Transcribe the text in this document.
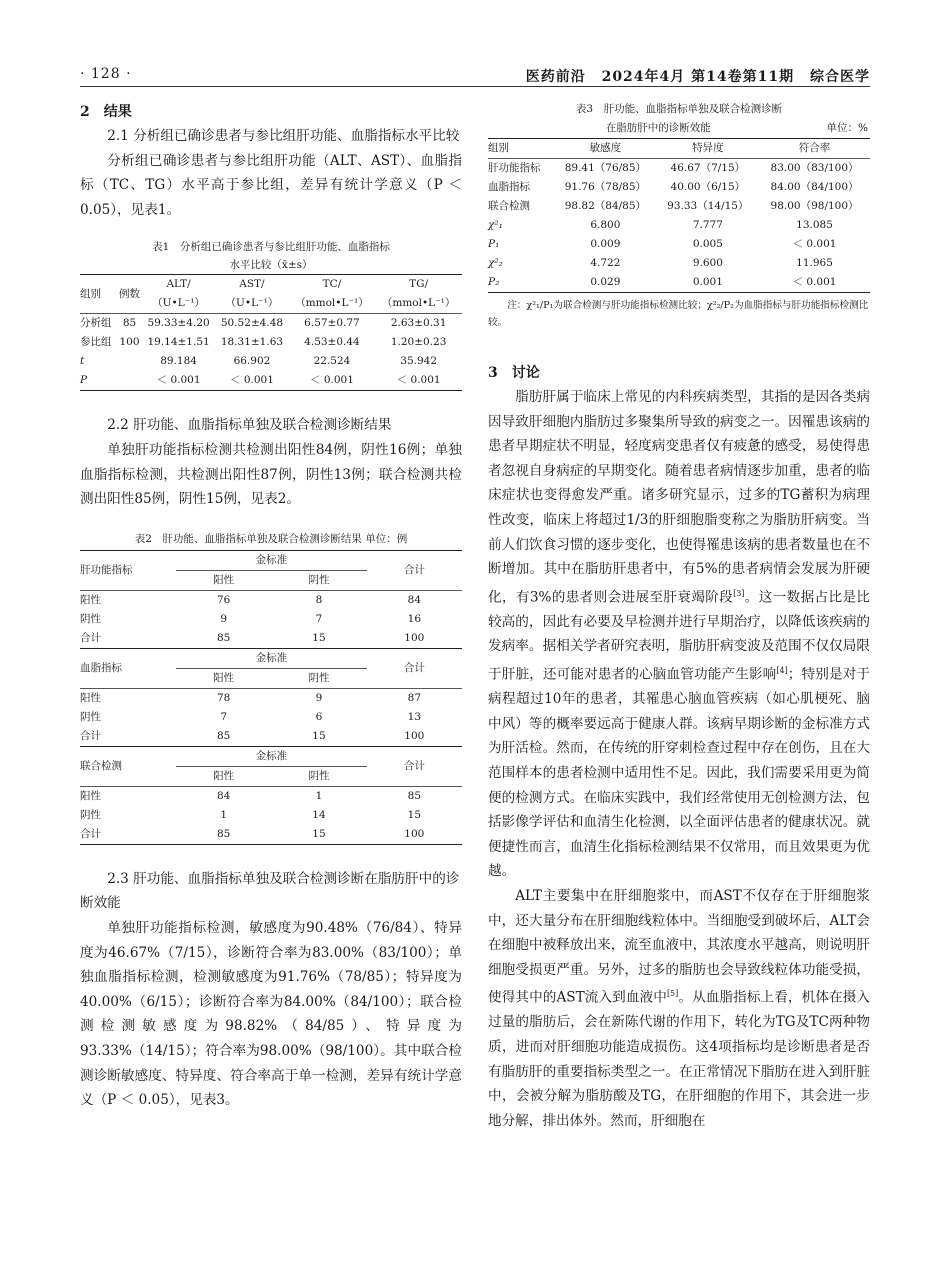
· 128 ·	医药前沿 2024年4月 第14卷第11期 综合医学
2　结果
2.1 分析组已确诊患者与参比组肝功能、血脂指标水平比较

分析组已确诊患者与参比组肝功能（ALT、AST）、血脂指标（TC、TG）水平高于参比组，差异有统计学意义（P ＜ 0.05），见表1。

表1　分析组已确诊患者与参比组肝功能、血脂指标
水平比较（x̄±s）
组别	例数	ALT/	AST/	TC/	TG/
		（U•L⁻¹）	（U•L⁻¹）	（mmol•L⁻¹）	（mmol•L⁻¹）
分析组	85	59.33±4.20	50.52±4.48	6.57±0.77	2.63±0.31
参比组	100	19.14±1.51	18.31±1.63	4.53±0.44	1.20±0.23
t		89.184	66.902	22.524	35.942
P		＜ 0.001	＜ 0.001	＜ 0.001	＜ 0.001
2.2 肝功能、血脂指标单独及联合检测诊断结果

单独肝功能指标检测共检测出阳性84例，阴性16例；单独血脂指标检测，共检测出阳性87例，阴性13例；联合检测共检测出阳性85例，阴性15例，见表2。

表2　肝功能、血脂指标单独及联合检测诊断结果 单位：例
肝功能指标	金标准		合计
	阳性	阴性	
阳性	76	8	84
阴性	9	7	16
合计	85	15	100
血脂指标	金标准		合计
	阳性	阴性	
阳性	78	9	87
阴性	7	6	13
合计	85	15	100
联合检测	金标准		合计
	阳性	阴性	
阳性	84	1	85
阴性	1	14	15
合计	85	15	100
2.3 肝功能、血脂指标单独及联合检测诊断在脂肪肝中的诊断效能

单独肝功能指标检测，敏感度为90.48%（76/84）、特异度为46.67%（7/15），诊断符合率为83.00%（83/100）；单独血脂指标检测，检测敏感度为91.76%（78/85）；特异度为40.00%（6/15）；诊断符合率为84.00%（84/100）；联合检测检测敏感度为98.82%（84/85）、特异度为93.33%（14/15）；符合率为98.00%（98/100）。其中联合检测诊断敏感度、特异度、符合率高于单一检测，差异有统计学意义（P ＜ 0.05），见表3。

表3　肝功能、血脂指标单独及联合检测诊断
在脂肪肝中的诊断效能	单位：%
组别	敏感度	特异度	符合率
肝功能指标	89.41（76/85）	46.67（7/15）	83.00（83/100）
血脂指标	91.76（78/85）	40.00（6/15）	84.00（84/100）
联合检测	98.82（84/85）	93.33（14/15）	98.00（98/100）
χ²₁	6.800	7.777	13.085
P₁	0.009	0.005	＜ 0.001
χ²₂	4.722	9.600	11.965
P₂	0.029	0.001	＜ 0.001
注：χ²₁/P₁为联合检测与肝功能指标检测比较；χ²₂/P₂为血脂指标与肝功能指标检测比较。
3　讨论

脂肪肝属于临床上常见的内科疾病类型，其指的是因各类病因导致肝细胞内脂肪过多聚集所导致的病变之一。因罹患该病的患者早期症状不明显，轻度病变患者仅有疲惫的感受，易使得患者忽视自身病症的早期变化。随着患者病情逐步加重，患者的临床症状也变得愈发严重。诸多研究显示，过多的TG蓄积为病理性改变，临床上将超过1/3的肝细胞脂变称之为脂肪肝病变。当前人们饮食习惯的逐步变化，也使得罹患该病的患者数量也在不断增加。其中在脂肪肝患者中，有5%的患者病情会发展为肝硬化，有3%的患者则会进展至肝衰竭阶段[3]。这一数据占比是比较高的，因此有必要及早检测并进行早期治疗，以降低该疾病的发病率。据相关学者研究表明，脂肪肝病变波及范围不仅仅局限于肝脏，还可能对患者的心脑血管功能产生影响[4]；特别是对于病程超过10年的患者，其罹患心脑血管疾病（如心肌梗死、脑中风）等的概率要远高于健康人群。该病早期诊断的金标准方式为肝活检。然而，在传统的肝穿刺检查过程中存在创伤，且在大范围样本的患者检测中适用性不足。因此，我们需要采用更为简便的检测方式。在临床实践中，我们经常使用无创检测方法，包括影像学评估和血清生化检测，以全面评估患者的健康状况。就便捷性而言，血清生化指标检测结果不仅常用，而且效果更为优越。

ALT主要集中在肝细胞浆中，而AST不仅存在于肝细胞浆中，还大量分布在肝细胞线粒体中。当细胞受到破坏后，ALT会在细胞中被释放出来，流至血液中，其浓度水平越高，则说明肝细胞受损更严重。另外，过多的脂肪也会导致线粒体功能受损，使得其中的AST流入到血液中[5]。从血脂指标上看，机体在摄入过量的脂肪后，会在新陈代谢的作用下，转化为TG及TC两种物质，进而对肝细胞功能造成损伤。这4项指标均是诊断患者是否有脂肪肝的重要指标类型之一。在正常情况下脂肪在进入到肝脏中，会被分解为脂肪酸及TG，在肝细胞的作用下，其会进一步地分解，排出体外。然而，肝细胞在
